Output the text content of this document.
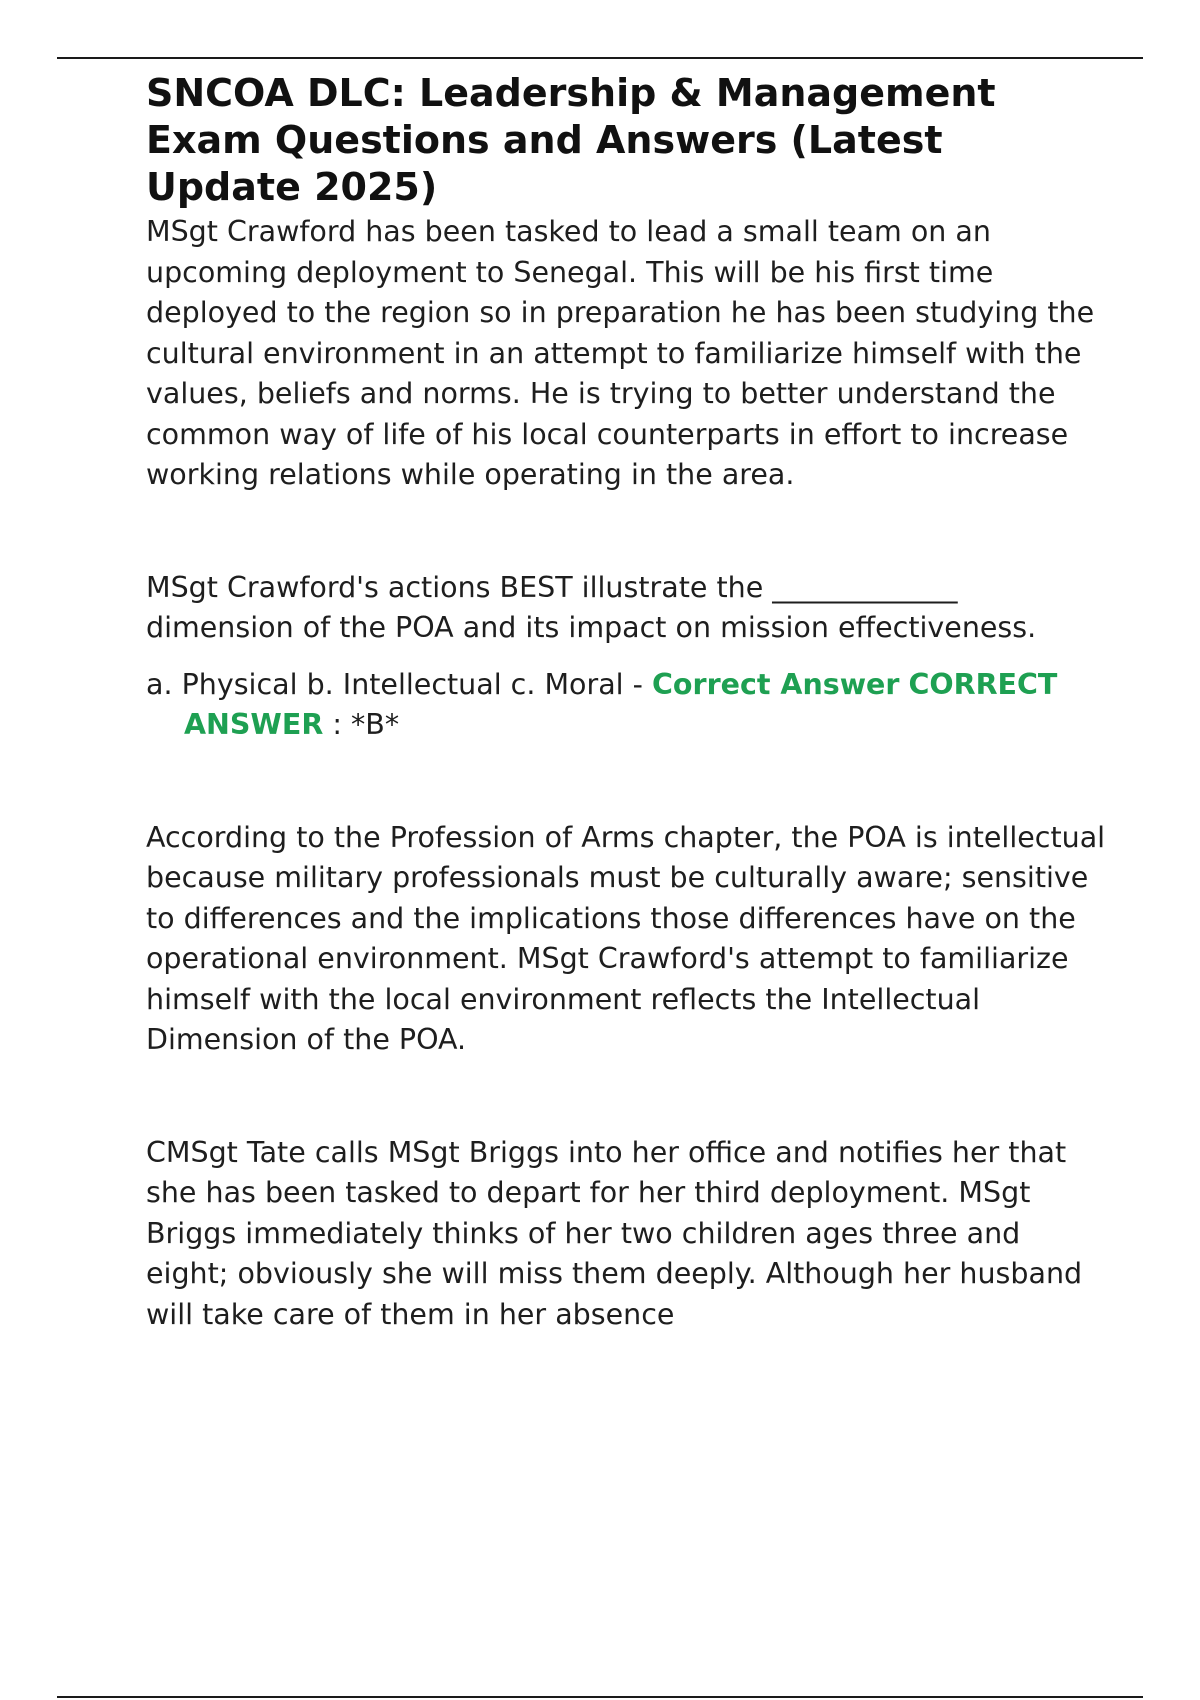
SNCOA DLC: Leadership & Management Exam Questions and Answers (Latest Update 2025)

MSgt Crawford has been tasked to lead a small team on an upcoming deployment to Senegal. This will be his first time deployed to the region so in preparation he has been studying the cultural environment in an attempt to familiarize himself with the values, beliefs and norms. He is trying to better understand the common way of life of his local counterparts in effort to increase working relations while operating in the area.

MSgt Crawford's actions BEST illustrate the _____________ dimension of the POA and its impact on mission effectiveness.

a. Physical b. Intellectual c. Moral - Correct Answer CORRECT ANSWER : *B*

According to the Profession of Arms chapter, the POA is intellectual because military professionals must be culturally aware; sensitive to differences and the implications those differences have on the operational environment. MSgt Crawford's attempt to familiarize himself with the local environment reflects the Intellectual Dimension of the POA.

CMSgt Tate calls MSgt Briggs into her office and notifies her that she has been tasked to depart for her third deployment. MSgt Briggs immediately thinks of her two children ages three and eight; obviously she will miss them deeply. Although her husband will take care of them in her absence
